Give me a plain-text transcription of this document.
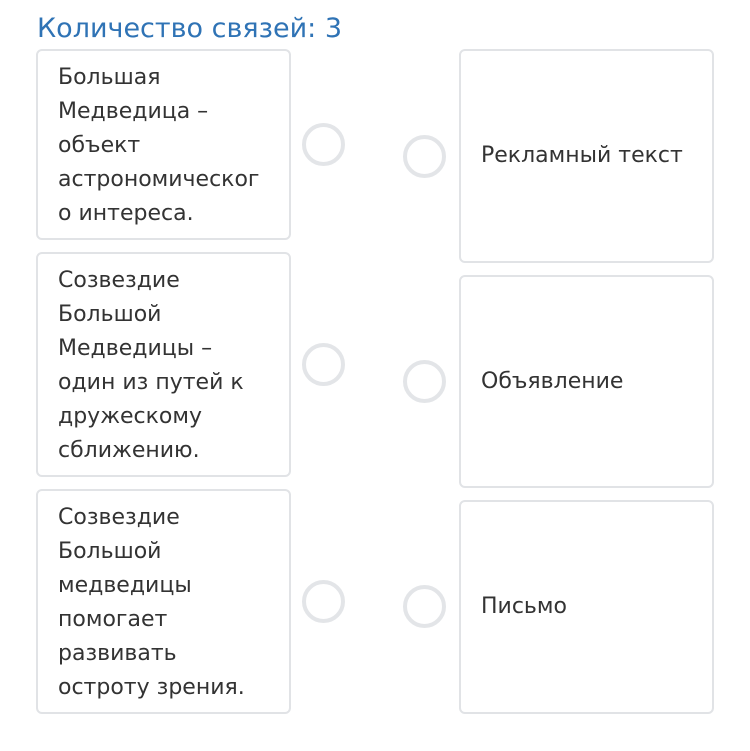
Количество связей: 3
Большая
Медведица –
объект
астрономическог
о интереса.
Созвездие
Большой
Медведицы –
один из путей к
дружескому
сближению.
Созвездие
Большой
медведицы
помогает
развивать
остроту зрения.
Рекламный текст
Объявление
Письмо
